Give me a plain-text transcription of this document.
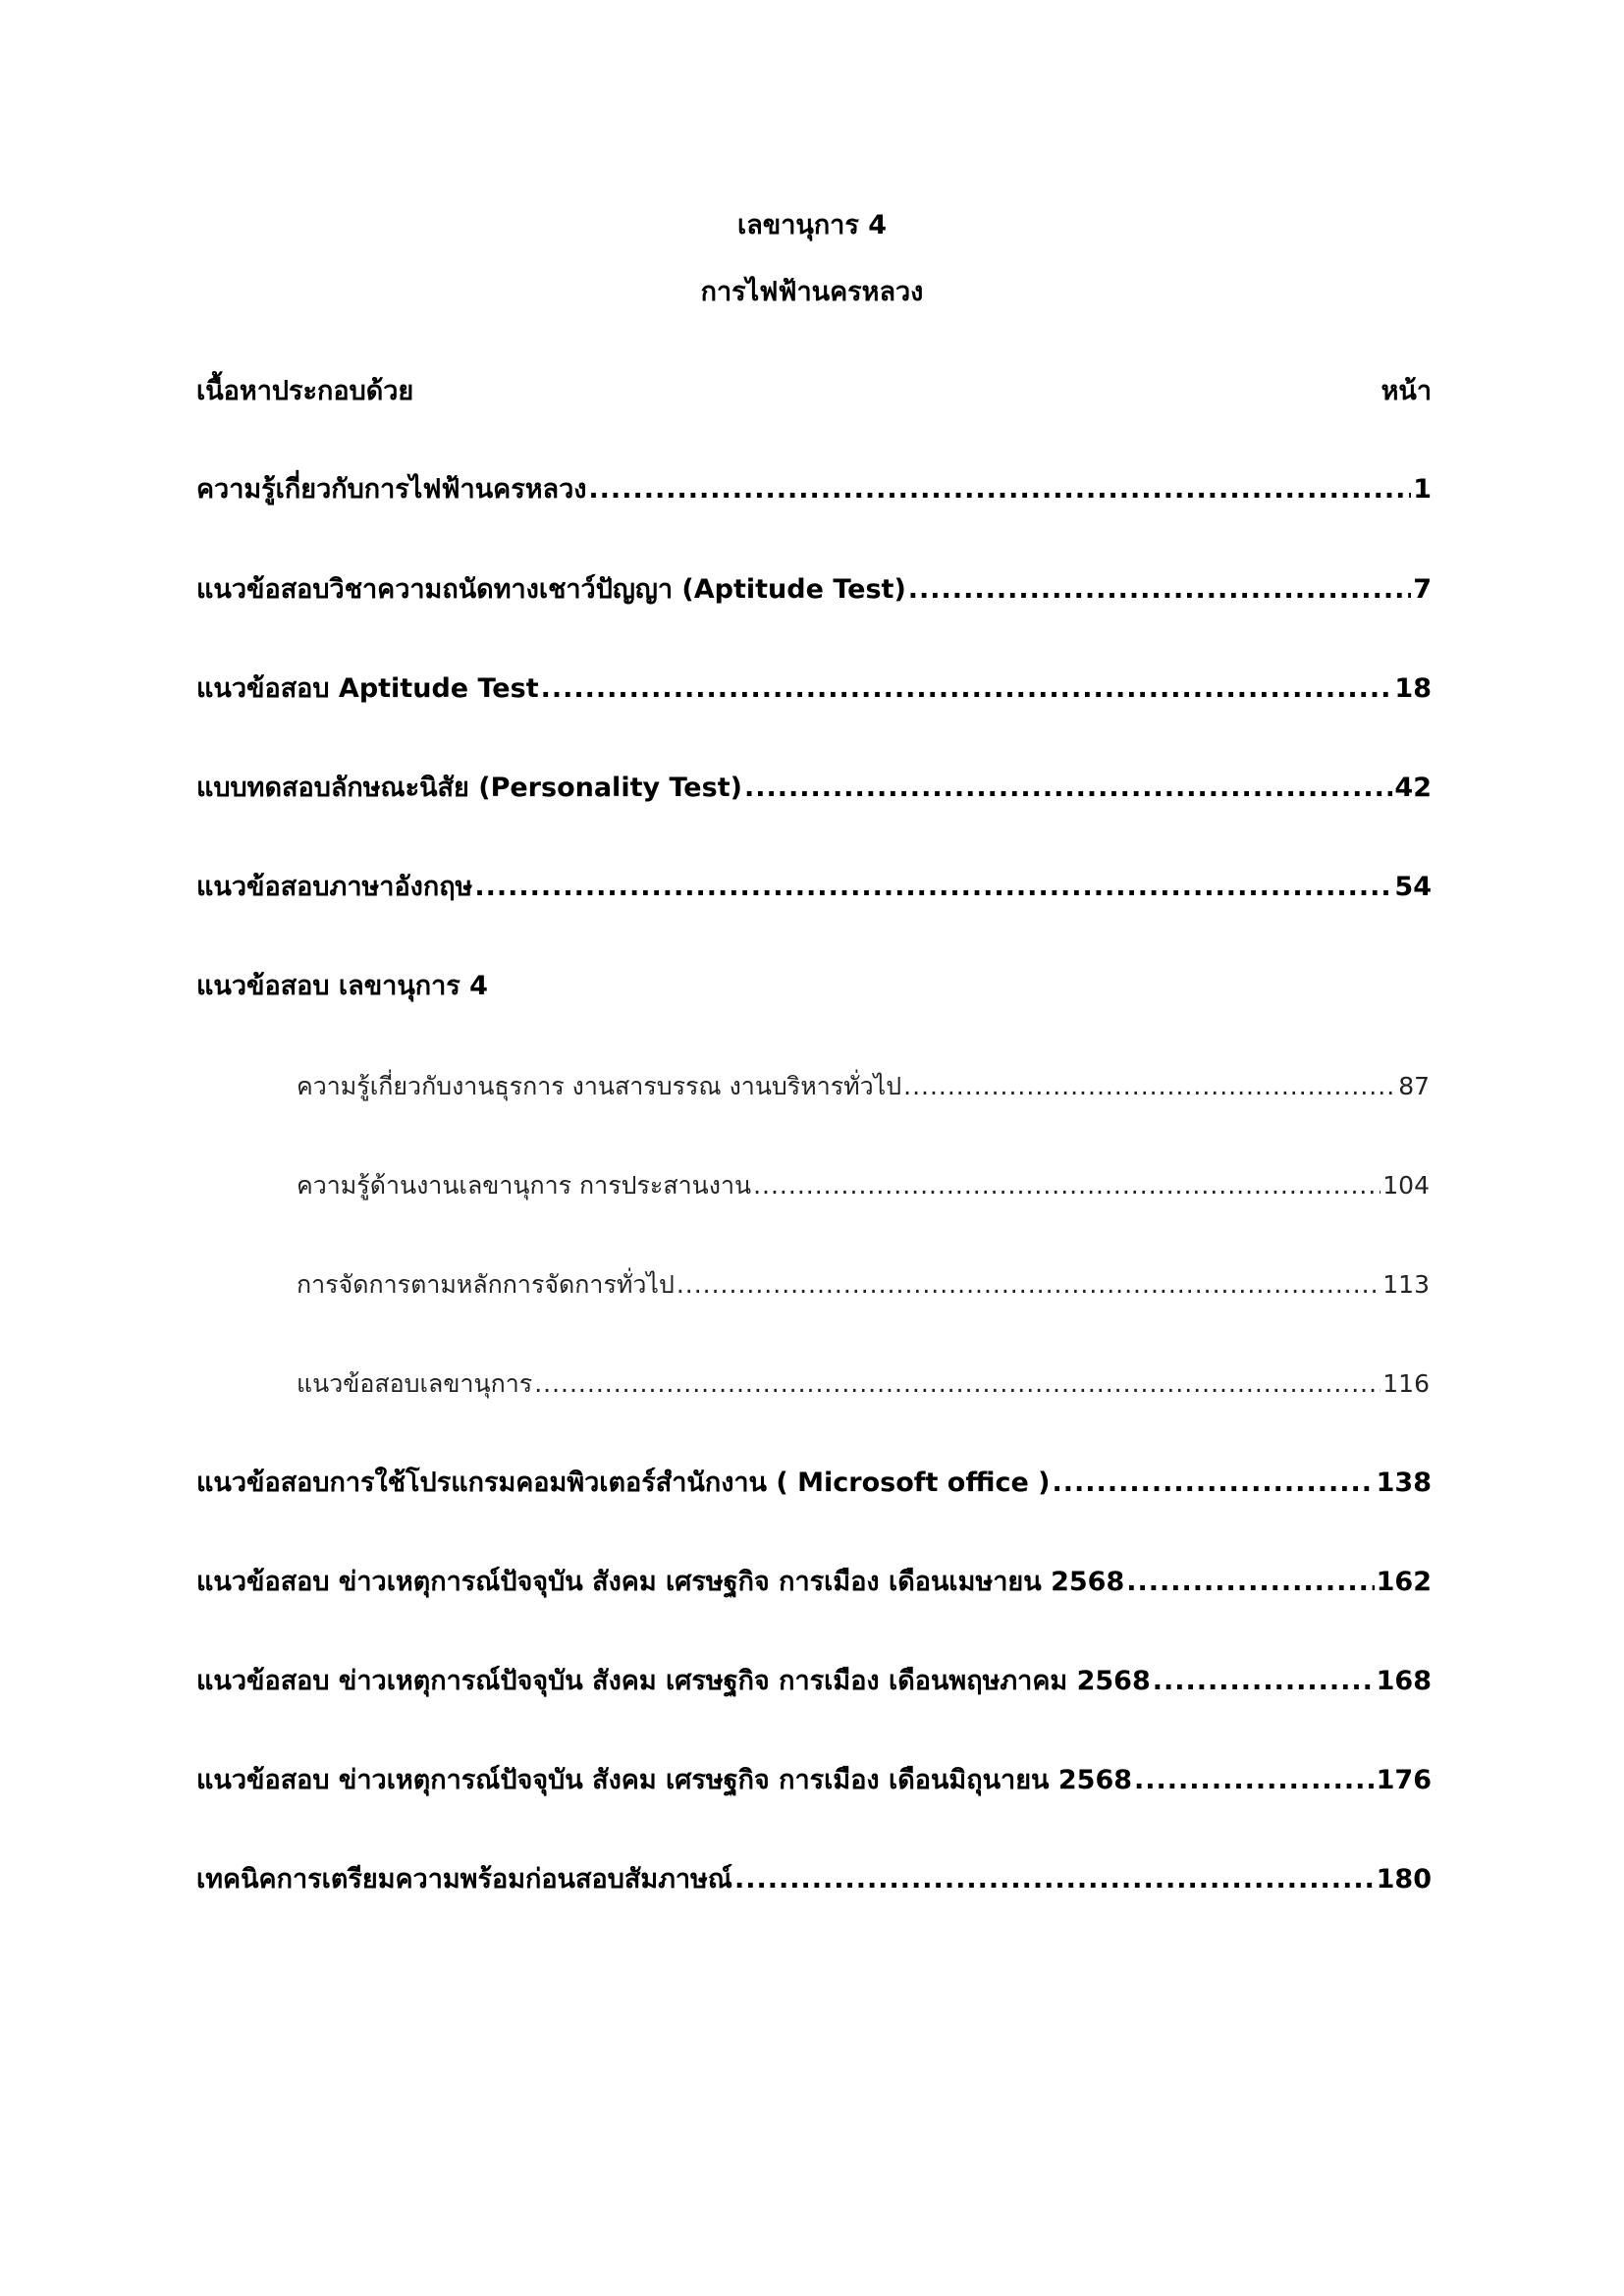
เลขานุการ 4
การไฟฟ้านครหลวง
เนื้อหาประกอบด้วย	หน้า
ความรู้เกี่ยวกับการไฟฟ้านครหลวง .....	1
แนวข้อสอบวิชาความถนัดทางเชาว์ปัญญา (Aptitude Test) .....	7
แนวข้อสอบ Aptitude Test .....	18
แบบทดสอบลักษณะนิสัย (Personality Test) .....	42
แนวข้อสอบภาษาอังกฤษ .....	54
แนวข้อสอบ เลขานุการ 4
ความรู้เกี่ยวกับงานธุรการ งานสารบรรณ งานบริหารทั่วไป .....	87
ความรู้ด้านงานเลขานุการ การประสานงาน .....	104
การจัดการตามหลักการจัดการทั่วไป .....	113
แนวข้อสอบเลขานุการ .....	116
แนวข้อสอบการใช้โปรแกรมคอมพิวเตอร์สำนักงาน ( Microsoft office ) .....	138
แนวข้อสอบ ข่าวเหตุการณ์ปัจจุบัน สังคม เศรษฐกิจ การเมือง เดือนเมษายน 2568 .....	162
แนวข้อสอบ ข่าวเหตุการณ์ปัจจุบัน สังคม เศรษฐกิจ การเมือง เดือนพฤษภาคม 2568 .....	168
แนวข้อสอบ ข่าวเหตุการณ์ปัจจุบัน สังคม เศรษฐกิจ การเมือง เดือนมิถุนายน 2568 .....	176
เทคนิคการเตรียมความพร้อมก่อนสอบสัมภาษณ์ .....	180
